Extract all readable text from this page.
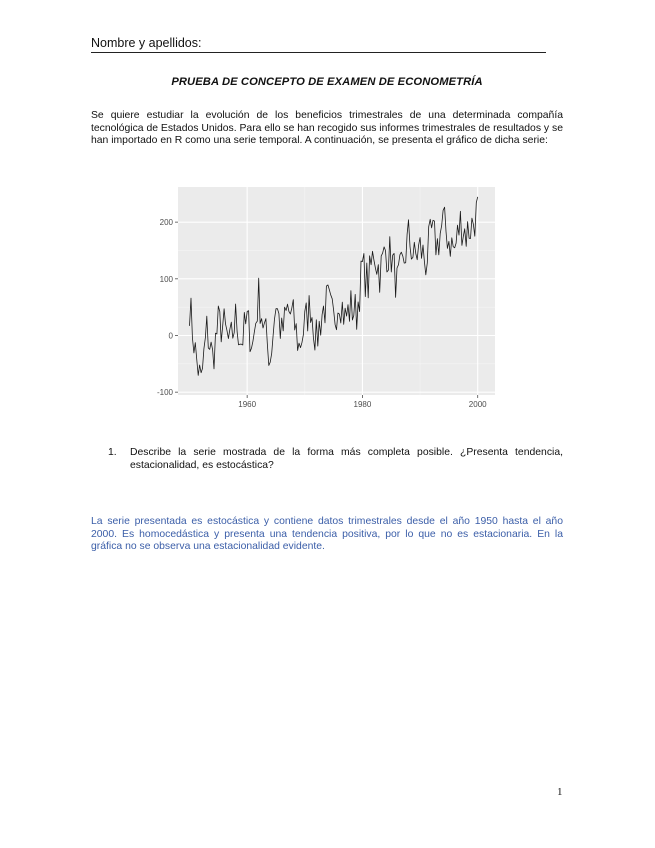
Nombre y apellidos:
PRUEBA DE CONCEPTO DE EXAMEN DE ECONOMETRÍA

Se quiere estudiar la evolución de los beneficios trimestrales de una determinada compañía tecnológica de Estados Unidos. Para ello se han recogido sus informes trimestrales de resultados y se han importado en R como una serie temporal. A continuación, se presenta el gráfico de dicha serie:

1960	1980	2000
-100
0
100
200
1. Describe la serie mostrada de la forma más completa posible. ¿Presenta tendencia, estacionalidad, es estocástica?

La serie presentada es estocástica y contiene datos trimestrales desde el año 1950 hasta el año 2000. Es homocedástica y presenta una tendencia positiva, por lo que no es estacionaria. En la gráfica no se observa una estacionalidad evidente.

1
